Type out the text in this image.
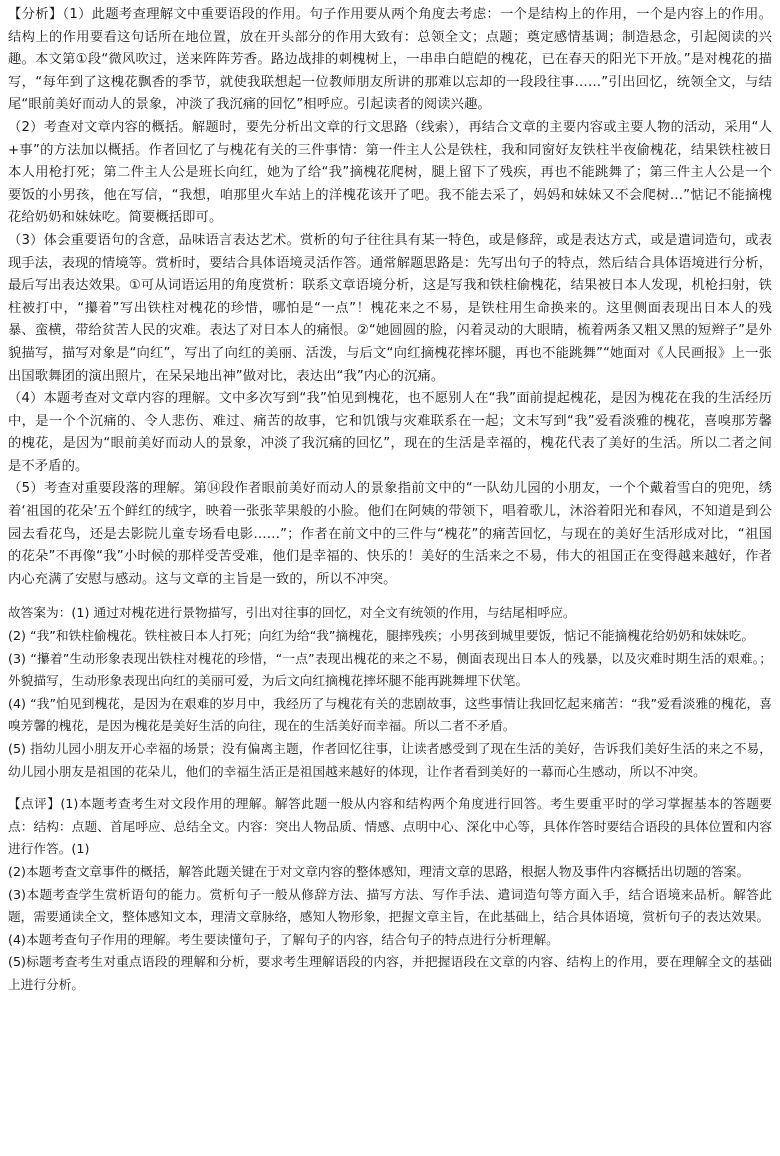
【分析】（1）此题考查理解文中重要语段的作用。句子作用要从两个角度去考虑：一个是结构上的作用，一个是内容上的作用。结构上的作用要看这句话所在地位置，放在开头部分的作用大致有：总领全文；点题；奠定感情基调；制造悬念，引起阅读的兴趣。本文第①段“微风吹过，送来阵阵芳香。路边战排的刺槐树上，一串串白皑皑的槐花，已在春天的阳光下开放。”是对槐花的描写，“每年到了这槐花飘香的季节，就使我联想起一位教师朋友所讲的那难以忘却的一段段往事……”引出回忆，统领全文，与结尾“眼前美好而动人的景象，冲淡了我沉痛的回忆”相呼应。引起读者的阅读兴趣。

（2）考查对文章内容的概括。解题时，要先分析出文章的行文思路（线索），再结合文章的主要内容或主要人物的活动，采用“人+事”的方法加以概括。作者回忆了与槐花有关的三件事情：第一件主人公是铁柱，我和同窗好友铁柱半夜偷槐花，结果铁柱被日本人用枪打死；第二件主人公是班长向红，她为了给“我”摘槐花爬树，腿上留下了残疾，再也不能跳舞了；第三件主人公是一个要饭的小男孩，他在写信，“我想，咱那里火车站上的洋槐花该开了吧。我不能去采了，妈妈和妹妹又不会爬树…”惦记不能摘槐花给奶奶和妹妹吃。简要概括即可。

（3）体会重要语句的含意，品味语言表达艺术。赏析的句子往往具有某一特色，或是修辞，或是表达方式，或是遣词造句，或表现手法，表现的情境等。赏析时，要结合具体语境灵活作答。通常解题思路是：先写出句子的特点，然后结合具体语境进行分析，最后写出表达效果。①可从词语运用的角度赏析：联系文章语境分析，这是写我和铁柱偷槐花，结果被日本人发现，机枪扫射，铁柱被打中，“攥着”写出铁柱对槐花的珍惜，哪怕是“一点”！槐花来之不易，是铁柱用生命换来的。这里侧面表现出日本人的残暴、蛮横，带给贫苦人民的灾难。表达了对日本人的痛恨。②“她圆圆的脸，闪着灵动的大眼睛，梳着两条又粗又黑的短辫子”是外貌描写，描写对象是“向红”，写出了向红的美丽、活泼，与后文“向红摘槐花摔坏腿，再也不能跳舞”“她面对《人民画报》上一张出国歌舞团的演出照片，在呆呆地出神”做对比，表达出“我”内心的沉痛。

（4）本题考查对文章内容的理解。文中多次写到“我”怕见到槐花，也不愿别人在“我”面前提起槐花，是因为槐花在我的生活经历中，是一个个沉痛的、令人悲伤、难过、痛苦的故事，它和饥饿与灾难联系在一起；文末写到“我”爱看淡雅的槐花，喜嗅那芳馨的槐花，是因为“眼前美好而动人的景象，冲淡了我沉痛的回忆”，现在的生活是幸福的，槐花代表了美好的生活。所以二者之间是不矛盾的。

（5）考查对重要段落的理解。第⑭段作者眼前美好而动人的景象指前文中的“一队幼儿园的小朋友，一个个戴着雪白的兜兜，绣着‘祖国的花朵’五个鲜红的绒字，映着一张张苹果般的小脸。他们在阿姨的带领下，唱着歌儿，沐浴着阳光和春风，不知道是到公园去看花鸟，还是去影院儿童专场看电影……”；作者在前文中的三件与“槐花”的痛苦回忆，与现在的美好生活形成对比，“祖国的花朵”不再像“我”小时候的那样受苦受难，他们是幸福的、快乐的！美好的生活来之不易，伟大的祖国正在变得越来越好，作者内心充满了安慰与感动。这与文章的主旨是一致的，所以不冲突。

故答案为：(1) 通过对槐花进行景物描写，引出对往事的回忆，对全文有统领的作用，与结尾相呼应。

(2) “我”和铁柱偷槐花。铁柱被日本人打死；向红为给“我”摘槐花，腿摔残疾；小男孩到城里要饭，惦记不能摘槐花给奶奶和妹妹吃。

(3) “攥着”生动形象表现出铁柱对槐花的珍惜，“一点”表现出槐花的来之不易，侧面表现出日本人的残暴，以及灾难时期生活的艰难。；外貌描写，生动形象表现出向红的美丽可爱，为后文向红摘槐花摔坏腿不能再跳舞埋下伏笔。

(4) “我”怕见到槐花，是因为在艰难的岁月中，我经历了与槐花有关的悲剧故事，这些事情让我回忆起来痛苦：“我”爱看淡雅的槐花，喜嗅芳馨的槐花，是因为槐花是美好生活的向往，现在的生活美好而幸福。所以二者不矛盾。

(5) 指幼儿园小朋友开心幸福的场景；没有偏离主题，作者回忆往事，让读者感受到了现在生活的美好，告诉我们美好生活的来之不易，幼儿园小朋友是祖国的花朵儿，他们的幸福生活正是祖国越来越好的体现，让作者看到美好的一幕而心生感动，所以不冲突。

【点评】(1)本题考查考生对文段作用的理解。解答此题一般从内容和结构两个角度进行回答。考生要重平时的学习掌握基本的答题要点：结构：点题、首尾呼应、总结全文。内容：突出人物品质、情感、点明中心、深化中心等，具体作答时要结合语段的具体位置和内容进行作答。(1)

(2)本题考查文章事件的概括，解答此题关键在于对文章内容的整体感知，理清文章的思路，根据人物及事件内容概括出切题的答案。

(3)本题考查学生赏析语句的能力。赏析句子一般从修辞方法、描写方法、写作手法、遣词造句等方面入手，结合语境来品析。解答此题，需要通读全文，整体感知文本，理清文章脉络，感知人物形象，把握文章主旨，在此基础上，结合具体语境，赏析句子的表达效果。

(4)本题考查句子作用的理解。考生要读懂句子，了解句子的内容，结合句子的特点进行分析理解。

(5)标题考查考生对重点语段的理解和分析，要求考生理解语段的内容，并把握语段在文章的内容、结构上的作用，要在理解全文的基础上进行分析。
